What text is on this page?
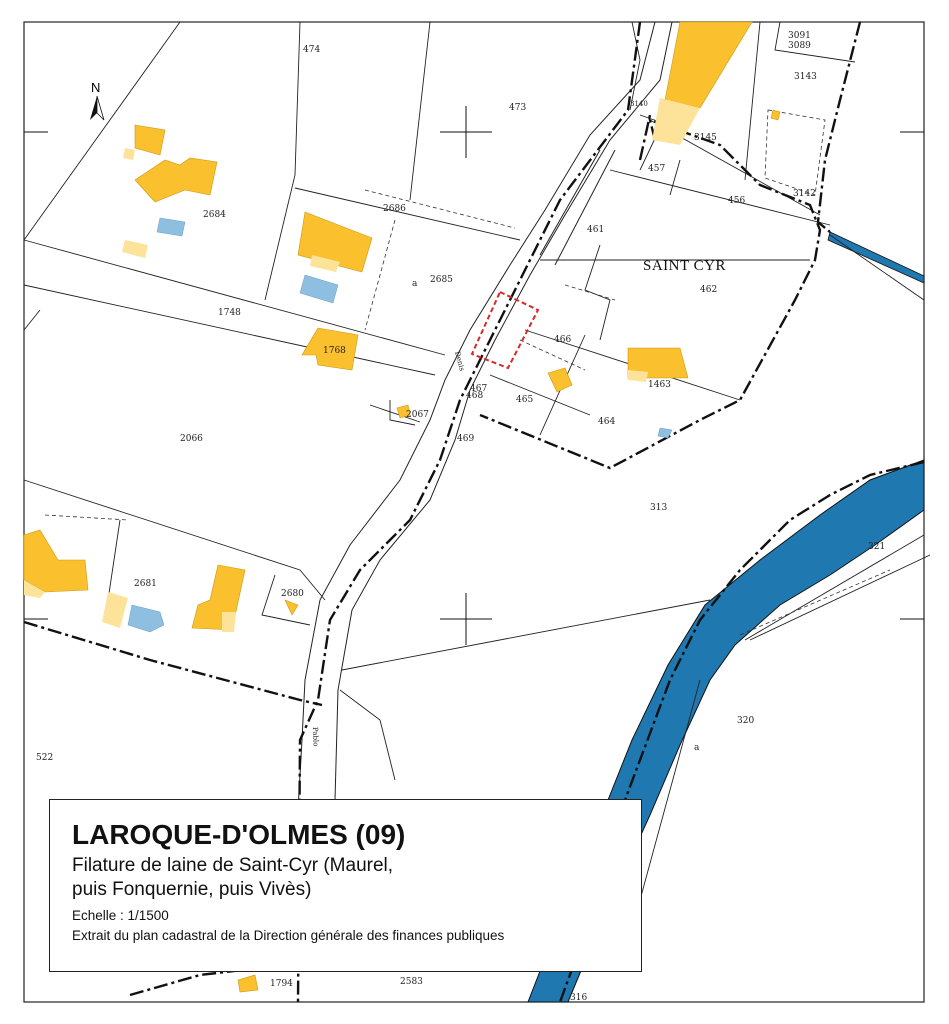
N
SAINT CYR
Denis
Pablo
474
473
3091
3089
3143
3140
3145
457
3142
456
2684
2686
461
2685
462
1748
466
1768
1463
467
468	465
2067
464
2066	469
313
321
2681
2680
320
522
1794	2583
316
a
a
LAROQUE-D'OLMES (09)
Filature de laine de Saint-Cyr (Maurel,
puis Fonquernie, puis Vivès)
Echelle : 1/1500
Extrait du plan cadastral de la Direction générale des finances publiques
